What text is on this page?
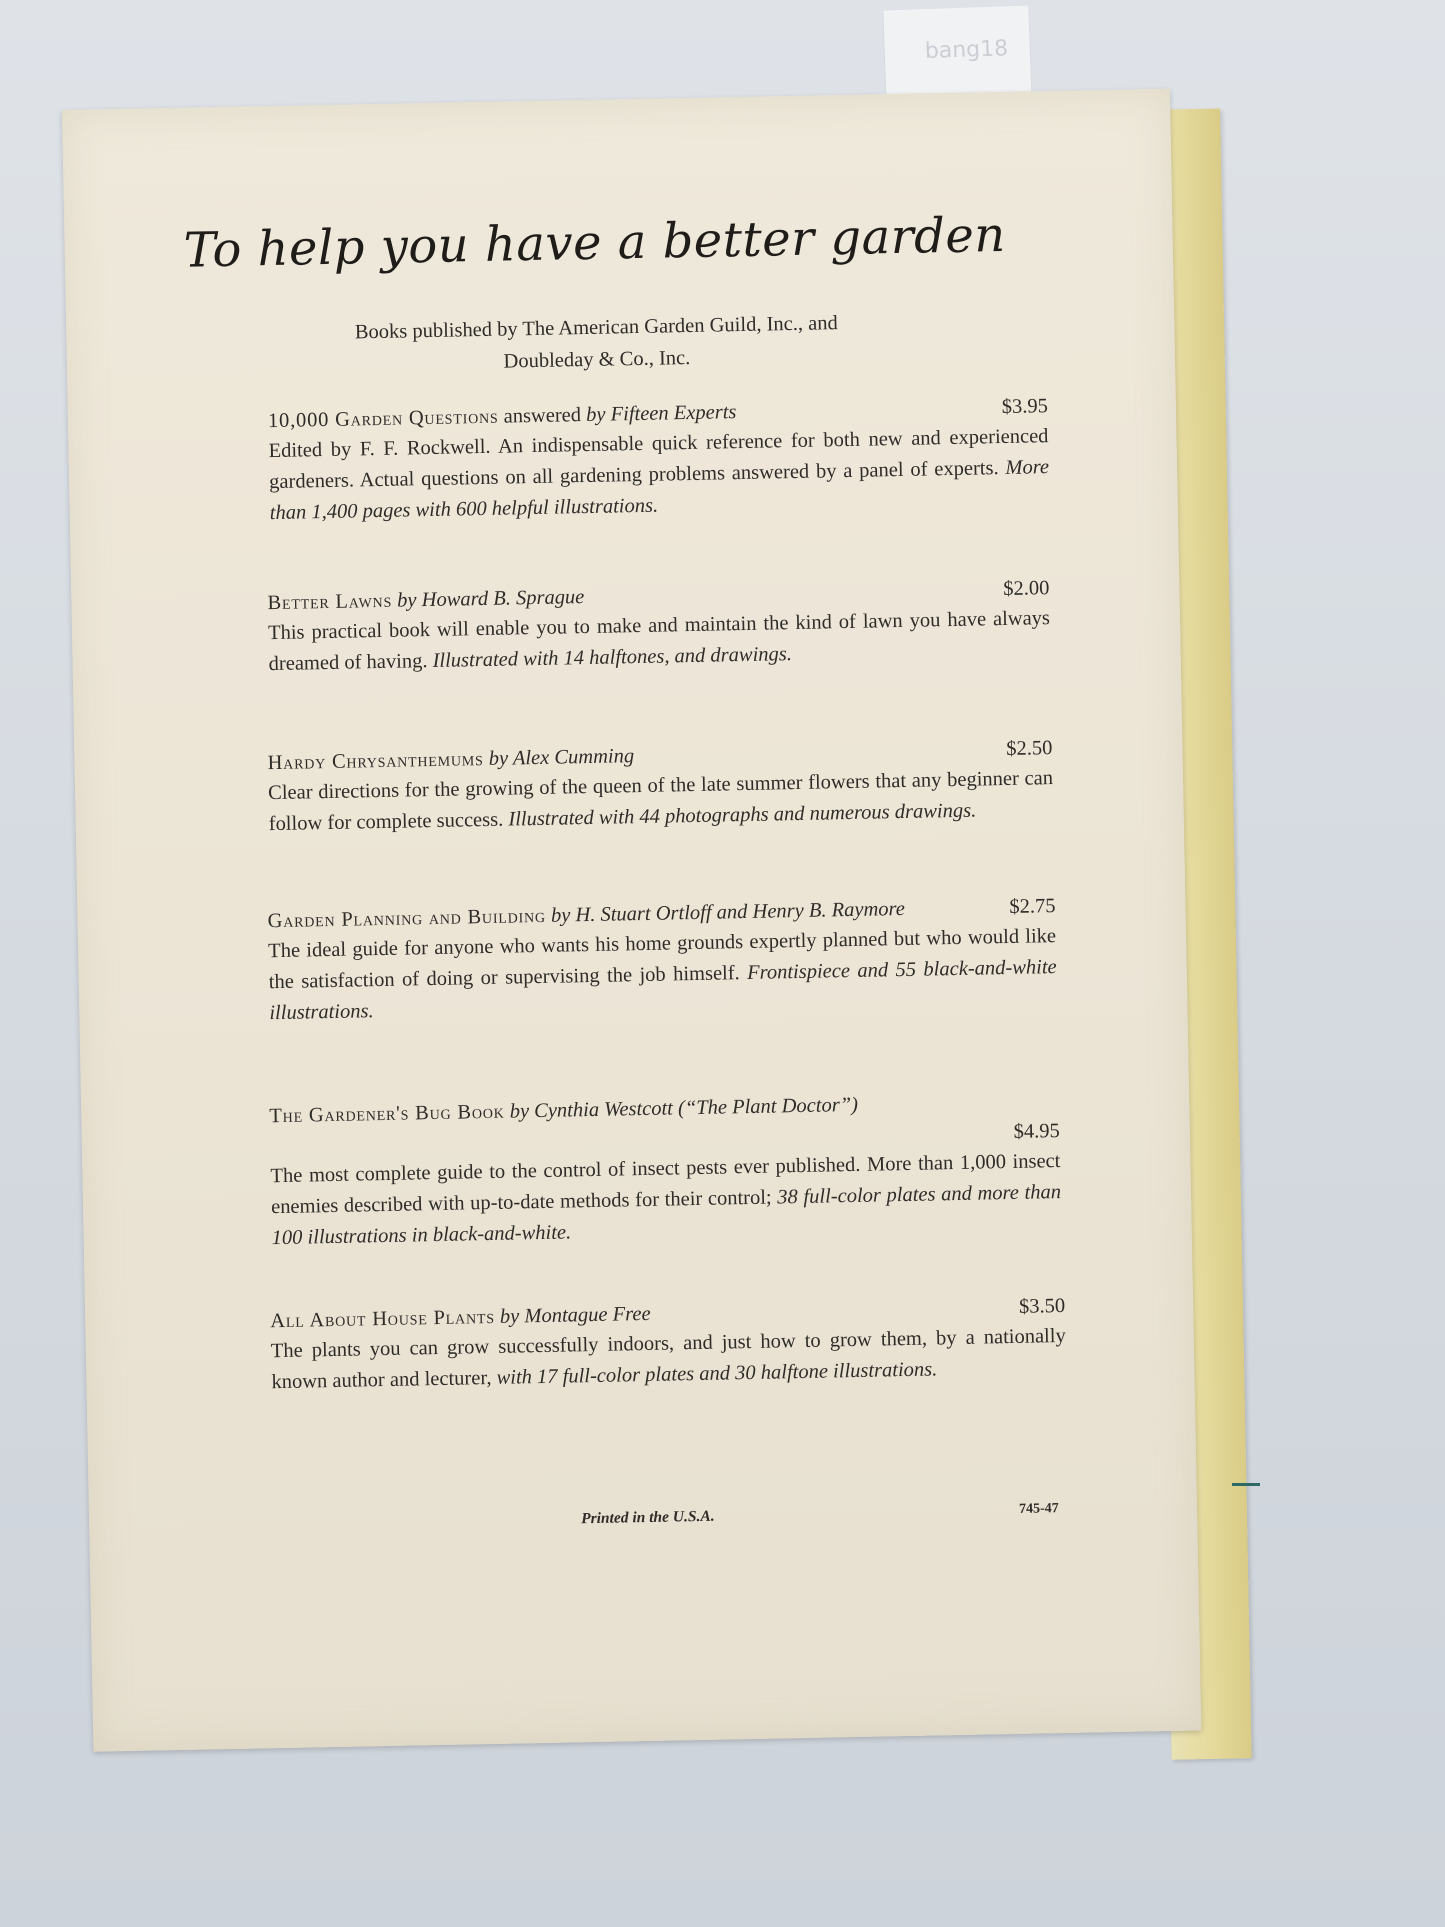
bang18
To help you have a better garden
Books published by The American Garden Guild, Inc., and
Doubleday & Co., Inc.
10,000 Garden Questions answered by Fifteen Experts	$3.95
Edited by F. F. Rockwell. An indispensable quick reference for both new and experienced gardeners. Actual questions on all gardening problems answered by a panel of experts. More than 1,400 pages with 600 helpful illustrations.
Better Lawns by Howard B. Sprague	$2.00
This practical book will enable you to make and maintain the kind of lawn you have always dreamed of having. Illustrated with 14 halftones, and drawings.
Hardy Chrysanthemums by Alex Cumming	$2.50
Clear directions for the growing of the queen of the late summer flowers that any beginner can follow for complete success. Illustrated with 44 photographs and numerous drawings.
Garden Planning and Building by H. Stuart Ortloff and Henry B. Raymore	$2.75
The ideal guide for anyone who wants his home grounds expertly planned but who would like the satisfaction of doing or supervising the job himself. Frontispiece and 55 black-and-white illustrations.
The Gardener's Bug Book by Cynthia Westcott (“The Plant Doctor”)
$4.95
The most complete guide to the control of insect pests ever published. More than 1,000 insect enemies described with up-to-date methods for their control; 38 full-color plates and more than 100 illustrations in black-and-white.
All About House Plants by Montague Free	$3.50
The plants you can grow successfully indoors, and just how to grow them, by a nationally known author and lecturer, with 17 full-color plates and 30 halftone illustrations.
Printed in the U.S.A.	745-47
